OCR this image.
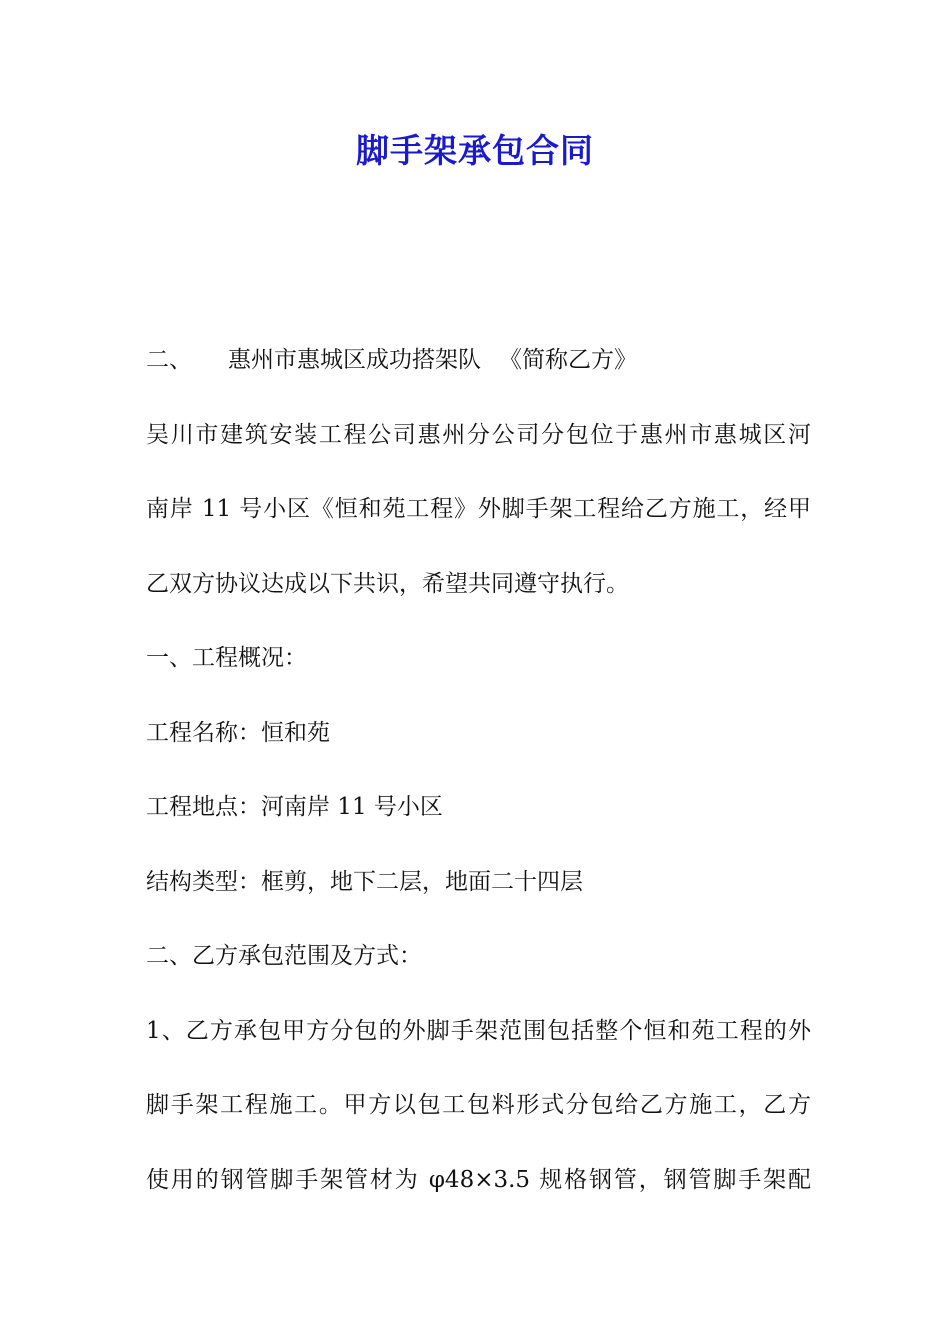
脚手架承包合同
二、 惠州市惠城区成功搭架队 《简称乙方》
吴川市建筑安装工程公司惠州分公司分包位于惠州市惠城区河
南岸 11 号小区《恒和苑工程》外脚手架工程给乙方施工，经甲
乙双方协议达成以下共识，希望共同遵守执行。
一、工程概况：
工程名称：恒和苑
工程地点：河南岸 11 号小区
结构类型：框剪，地下二层，地面二十四层
二、乙方承包范围及方式：
1、乙方承包甲方分包的外脚手架范围包括整个恒和苑工程的外
脚手架工程施工。甲方以包工包料形式分包给乙方施工，乙方
使用的钢管脚手架管材为 φ48×3.5 规格钢管，钢管脚手架配
